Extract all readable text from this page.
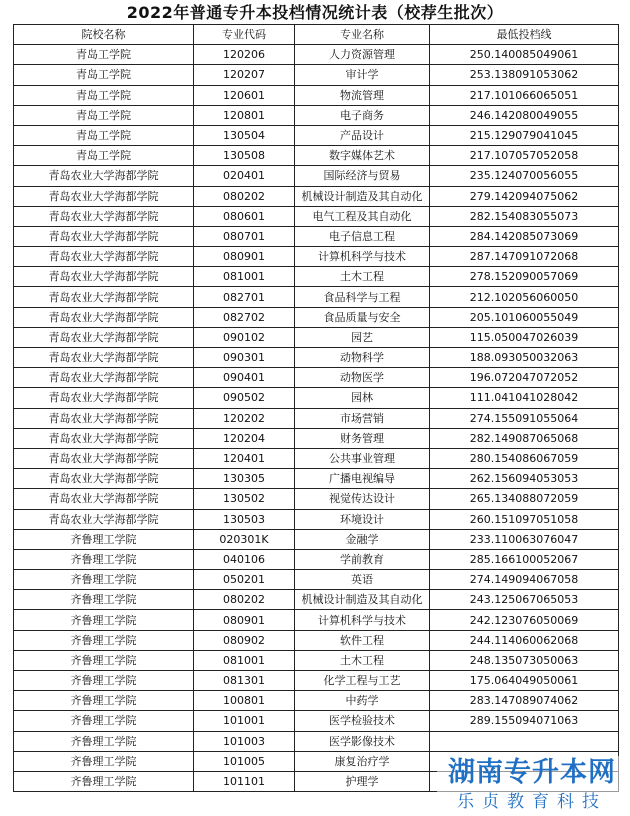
2022年普通专升本投档情况统计表（校荐生批次）
院校名称	专业代码	专业名称	最低投档线
青岛工学院	120206	人力资源管理	250.140085049061
青岛工学院	120207	审计学	253.138091053062
青岛工学院	120601	物流管理	217.101066065051
青岛工学院	120801	电子商务	246.142080049055
青岛工学院	130504	产品设计	215.129079041045
青岛工学院	130508	数字媒体艺术	217.107057052058
青岛农业大学海都学院	020401	国际经济与贸易	235.124070056055
青岛农业大学海都学院	080202	机械设计制造及其自动化	279.142094075062
青岛农业大学海都学院	080601	电气工程及其自动化	282.154083055073
青岛农业大学海都学院	080701	电子信息工程	284.142085073069
青岛农业大学海都学院	080901	计算机科学与技术	287.147091072068
青岛农业大学海都学院	081001	土木工程	278.152090057069
青岛农业大学海都学院	082701	食品科学与工程	212.102056060050
青岛农业大学海都学院	082702	食品质量与安全	205.101060055049
青岛农业大学海都学院	090102	园艺	115.050047026039
青岛农业大学海都学院	090301	动物科学	188.093050032063
青岛农业大学海都学院	090401	动物医学	196.072047072052
青岛农业大学海都学院	090502	园林	111.041041028042
青岛农业大学海都学院	120202	市场营销	274.155091055064
青岛农业大学海都学院	120204	财务管理	282.149087065068
青岛农业大学海都学院	120401	公共事业管理	280.154086067059
青岛农业大学海都学院	130305	广播电视编导	262.156094053053
青岛农业大学海都学院	130502	视觉传达设计	265.134088072059
青岛农业大学海都学院	130503	环境设计	260.151097051058
齐鲁理工学院	020301K	金融学	233.110063076047
齐鲁理工学院	040106	学前教育	285.166100052067
齐鲁理工学院	050201	英语	274.149094067058
齐鲁理工学院	080202	机械设计制造及其自动化	243.125067065053
齐鲁理工学院	080901	计算机科学与技术	242.123076050069
齐鲁理工学院	080902	软件工程	244.114060062068
齐鲁理工学院	081001	土木工程	248.135073050063
齐鲁理工学院	081301	化学工程与工艺	175.064049050061
齐鲁理工学院	100801	中药学	283.147089074062
齐鲁理工学院	101001	医学检验技术	289.155094071063
齐鲁理工学院	101003	医学影像技术	
齐鲁理工学院	101005	康复治疗学	
齐鲁理工学院	101101	护理学		湖南专升本网
乐贞教育科技
